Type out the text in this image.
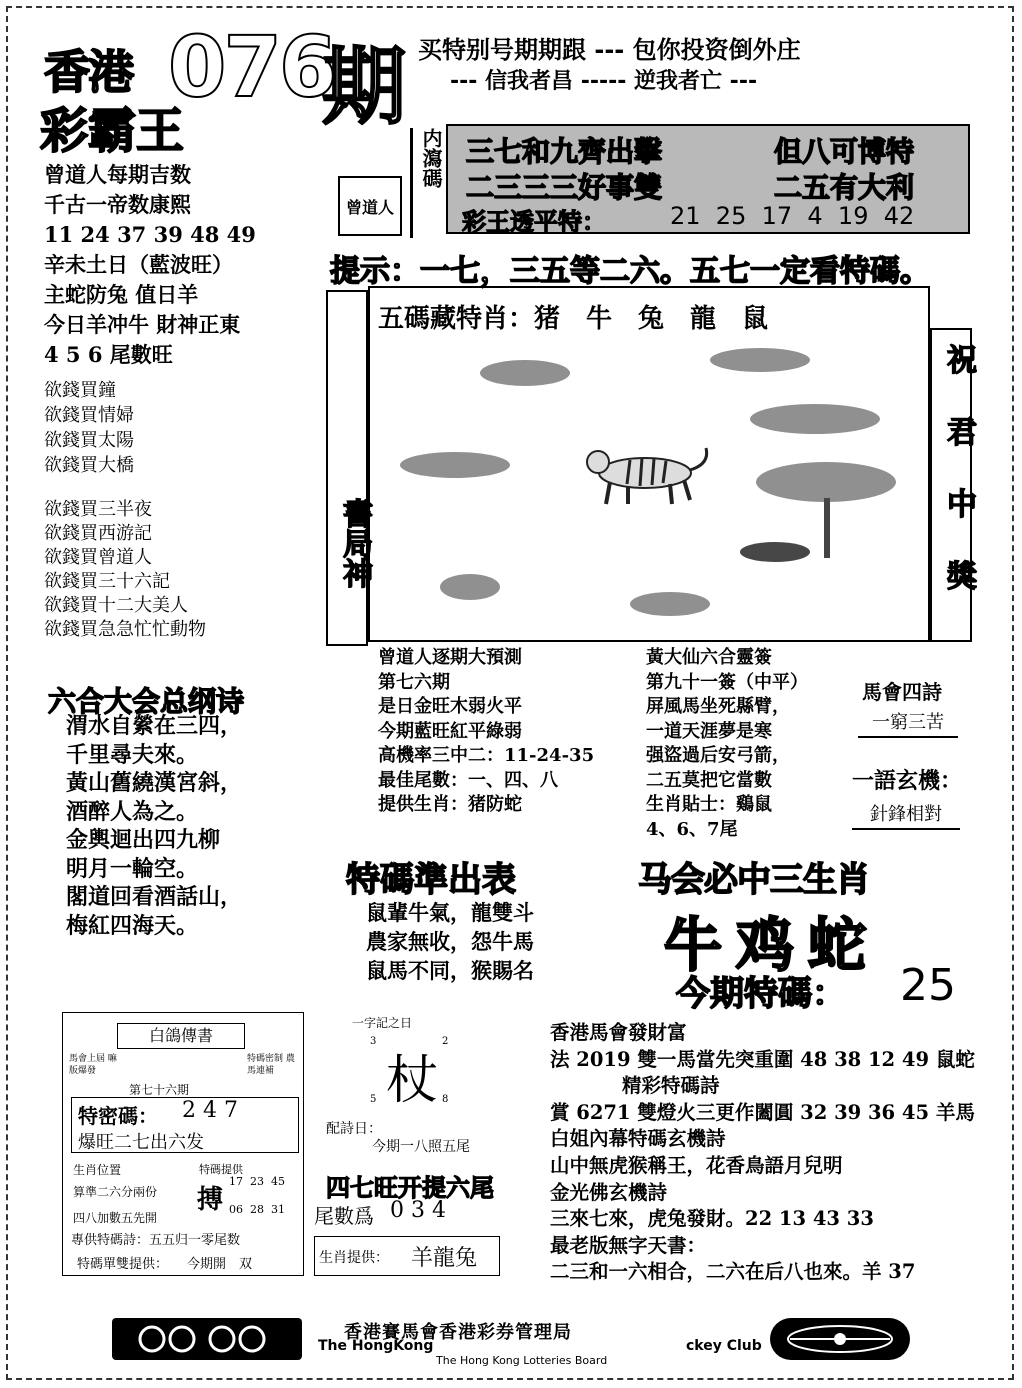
香港 076
期 买特别号期期跟 --- 包你投资倒外庄
--- 信我者昌 ----- 逆我者亡 ---
彩霸王
曾道人每期吉数
千古一帝数康熙
11 24 37 39 48 49
辛未土日（藍波旺）
主蛇防兔 值日羊
今日羊冲牛 財神正東
4 5 6 尾數旺
欲錢買鐘
欲錢買情婦
欲錢買太陽
欲錢買大橋
欲錢買三半夜
欲錢買西游記
欲錢買曾道人
欲錢買三十六記
欲錢買十二大美人
欲錢買急急忙忙動物
内瀉碼
曾道人
三七和九齊出擊	但八可博特
二三三三好事雙	二五有大利
彩王透平特：	21  25  17  4  19  42
提示：一七，三五等二六。五七一定看特碼。
書局神
五碼藏特肖：猪　牛　兔　龍　鼠
祝君中獎
六合大会总纲诗
渭水自縈在三四，
千里尋夫來。
黃山舊繞漢宮斜，
酒醉人為之。
金輿迴出四九柳
明月一輪空。
閣道回看酒話山，
梅紅四海天。
曾道人逐期大預測
第七六期
是日金旺木弱火平
今期藍旺紅平綠弱
高機率三中二：11-24-35
最佳尾數：一、四、八
提供生肖：猪防蛇
黃大仙六合靈簽
第九十一簽（中平）
屏風馬坐死縣臂，
一道天涯夢是寒
强盜過后安弓箭，
二五莫把它當數
生肖貼士：鷄鼠
4、6、7尾
馬會四詩
一窮三苦
一語玄機：
針鋒相對
特碼準出表
鼠輩牛氣，龍雙斗
農家無收，怨牛馬
鼠馬不同，猴賜名
马会必中三生肖
牛鸡蛇
今期特碼： 25
白鴿傳書
馬會上屆 嘛版爆發
特碼密制 農馬連補
第七十六期
特密碼： 2 4 7
爆旺二七出六发
生肖位置
算準二六分兩份
四八加數五先開
特碼提供
搏
17  23  45
06  28  31
專供特碼詩：五五归一零尾数
特碼單雙提供： 今期開　双
一字記之日
3	2
杖
5	8
配詩日：
今期一八照五尾
四七旺开提六尾
尾數爲 0 3 4
生肖提供： 羊龍兔
香港馬會發財富
法 2019 雙一馬當先突重圍 48 38 12 49 鼠蛇
精彩特碼詩
賞 6271 雙燈火三更作闔圓 32 39 36 45 羊馬
白姐內幕特碼玄機詩
山中無虎猴稱王，花香鳥語月兒明
金光佛玄機詩
三來七來，虎兔發財。22 13 43 33
最老版無字天書：
二三和一六相合，二六在后八也來。羊 37
香港賽馬會香港彩券管理局
The HongKong	ckey Club
The Hong Kong Lotteries Board
